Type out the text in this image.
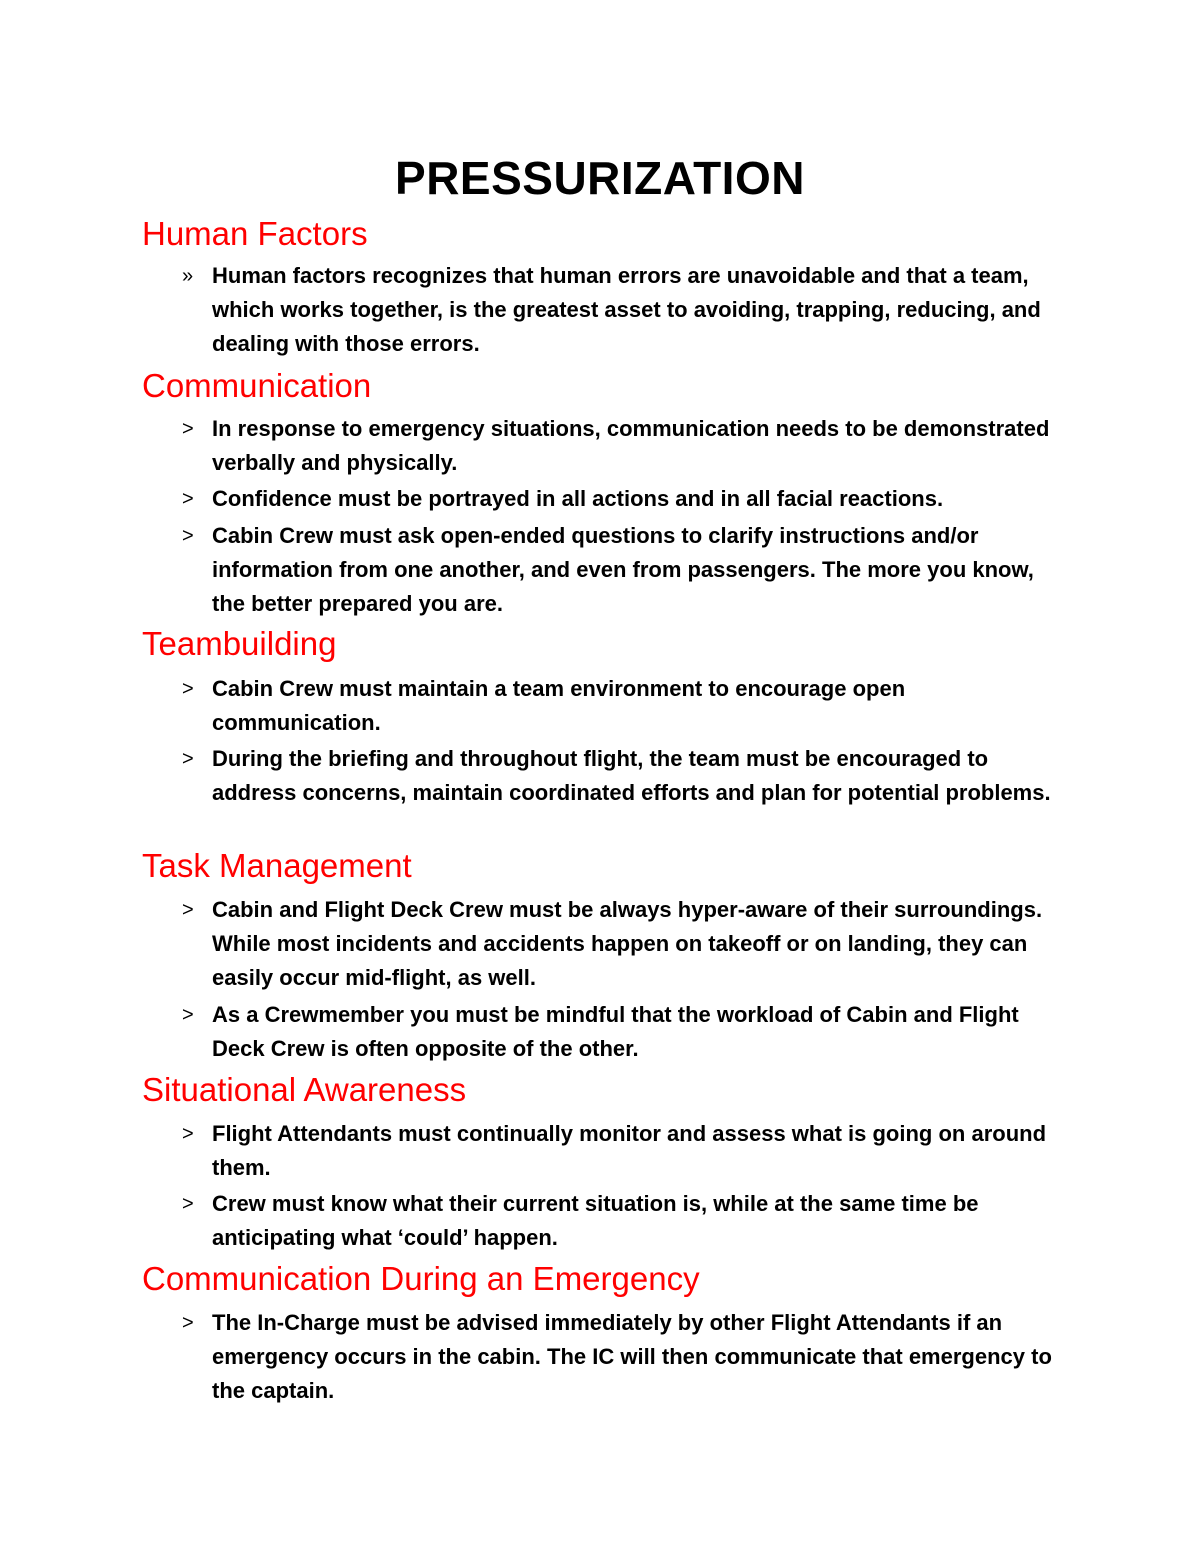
PRESSURIZATION
Human Factors
» Human factors recognizes that human errors are unavoidable and that a team, which works together, is the greatest asset to avoiding, trapping, reducing, and dealing with those errors.
Communication
> In response to emergency situations, communication needs to be demonstrated verbally and physically.
> Confidence must be portrayed in all actions and in all facial reactions.
> Cabin Crew must ask open-ended questions to clarify instructions and/or information from one another, and even from passengers. The more you know, the better prepared you are.
Teambuilding
> Cabin Crew must maintain a team environment to encourage open communication.
> During the briefing and throughout flight, the team must be encouraged to address concerns, maintain coordinated efforts and plan for potential problems.
Task Management
> Cabin and Flight Deck Crew must be always hyper-aware of their surroundings. While most incidents and accidents happen on takeoff or on landing, they can easily occur mid-flight, as well.
> As a Crewmember you must be mindful that the workload of Cabin and Flight Deck Crew is often opposite of the other.
Situational Awareness
> Flight Attendants must continually monitor and assess what is going on around them.
> Crew must know what their current situation is, while at the same time be anticipating what ‘could’ happen.
Communication During an Emergency
> The In-Charge must be advised immediately by other Flight Attendants if an emergency occurs in the cabin. The IC will then communicate that emergency to the captain.
